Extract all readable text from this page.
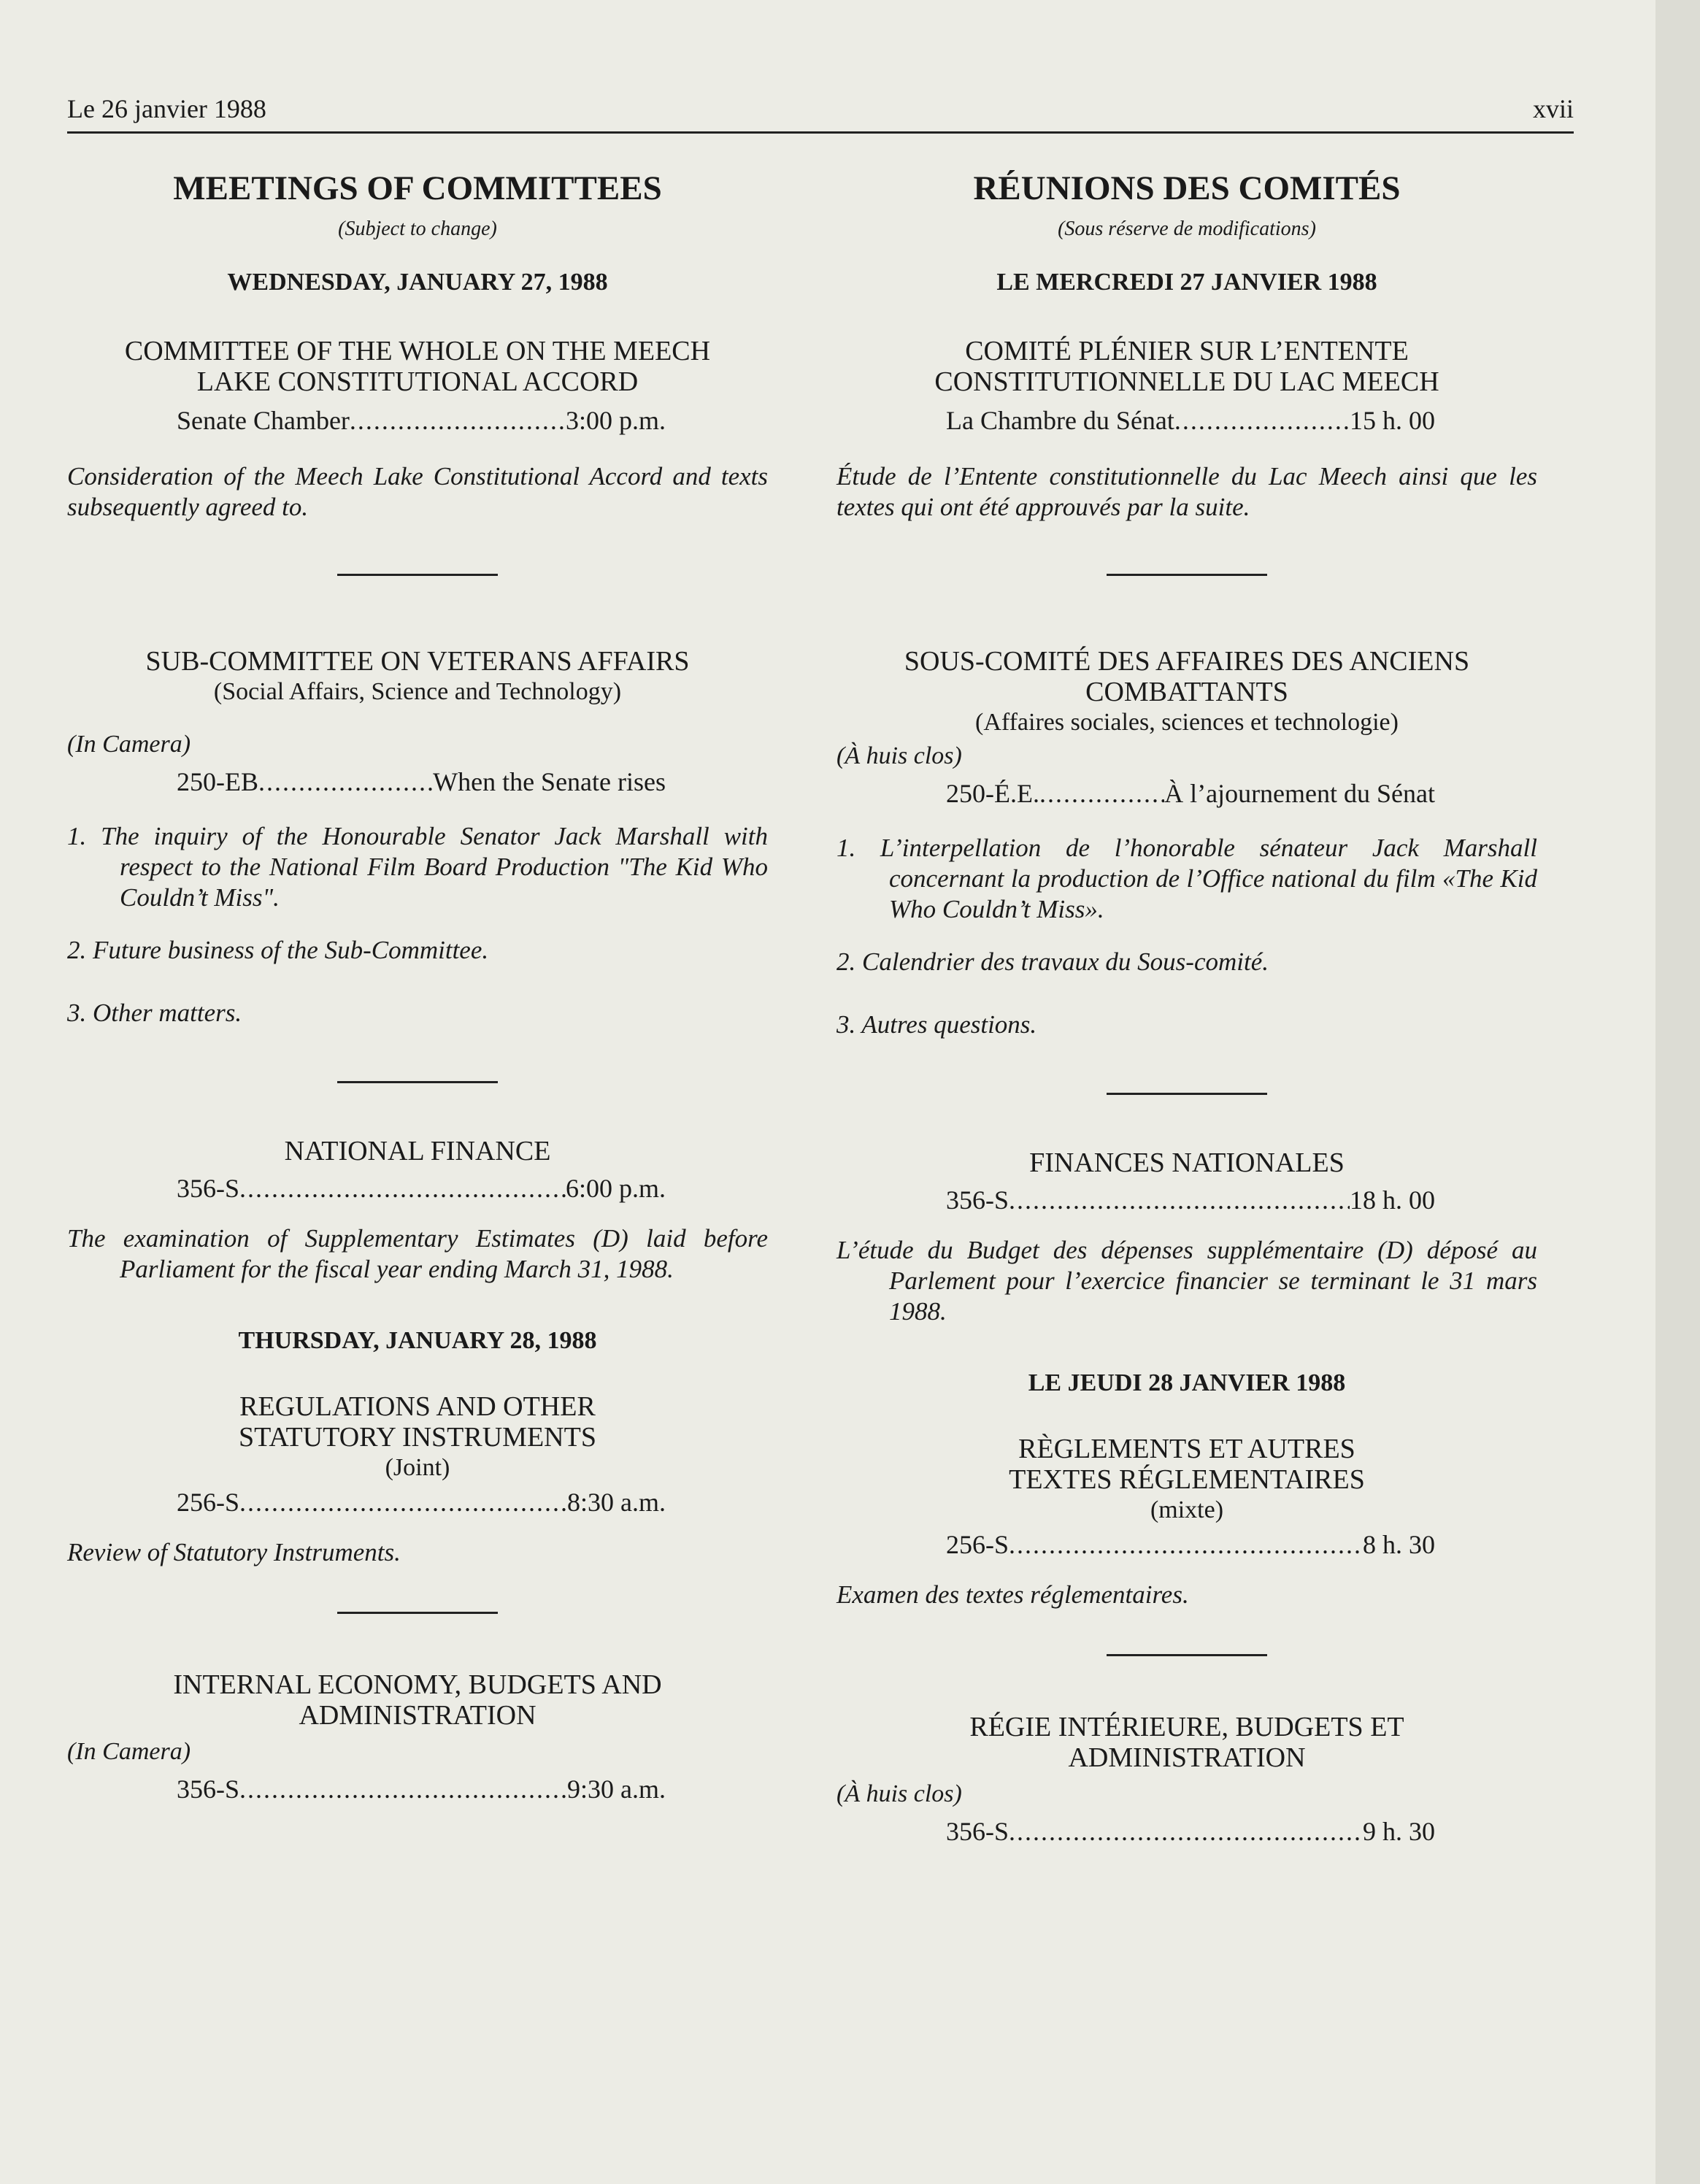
Le 26 janvier 1988	xvii
MEETINGS OF COMMITTEES
(Subject to change)
WEDNESDAY, JANUARY 27, 1988
COMMITTEE OF THE WHOLE ON THE MEECH
LAKE CONSTITUTIONAL ACCORD
Senate Chamber .....	3:00 p.m.
Consideration of the Meech Lake Constitutional Accord and texts subsequently agreed to.
SUB-COMMITTEE ON VETERANS AFFAIRS
(Social Affairs, Science and Technology)
(In Camera)
250-EB .....	When the Senate rises
1. The inquiry of the Honourable Senator Jack Marshall with respect to the National Film Board Production "The Kid Who Couldn’t Miss".
2. Future business of the Sub-Committee.
3. Other matters.
NATIONAL FINANCE
356-S .....	6:00 p.m.
The examination of Supplementary Estimates (D) laid before Parliament for the fiscal year ending March 31, 1988.
THURSDAY, JANUARY 28, 1988
REGULATIONS AND OTHER
STATUTORY INSTRUMENTS
(Joint)
256-S .....	8:30 a.m.
Review of Statutory Instruments.
INTERNAL ECONOMY, BUDGETS AND
ADMINISTRATION
(In Camera)
356-S .....	9:30 a.m.
RÉUNIONS DES COMITÉS
(Sous réserve de modifications)
LE MERCREDI 27 JANVIER 1988
COMITÉ PLÉNIER SUR L’ENTENTE
CONSTITUTIONNELLE DU LAC MEECH
La Chambre du Sénat .....	15 h. 00
Étude de l’Entente constitutionnelle du Lac Meech ainsi que les textes qui ont été approuvés par la suite.
SOUS-COMITÉ DES AFFAIRES DES ANCIENS
COMBATTANTS
(Affaires sociales, sciences et technologie)
(À huis clos)
250-É.E. .....	À l’ajournement du Sénat
1. L’interpellation de l’honorable sénateur Jack Marshall concernant la production de l’Office national du film «The Kid Who Couldn’t Miss».
2. Calendrier des travaux du Sous-comité.
3. Autres questions.
FINANCES NATIONALES
356-S .....	18 h. 00
L’étude du Budget des dépenses supplémentaire (D) déposé au Parlement pour l’exercice financier se terminant le 31 mars 1988.
LE JEUDI 28 JANVIER 1988
RÈGLEMENTS ET AUTRES
TEXTES RÉGLEMENTAIRES
(mixte)
256-S .....	8 h. 30
Examen des textes réglementaires.
RÉGIE INTÉRIEURE, BUDGETS ET
ADMINISTRATION
(À huis clos)
356-S .....	9 h. 30
